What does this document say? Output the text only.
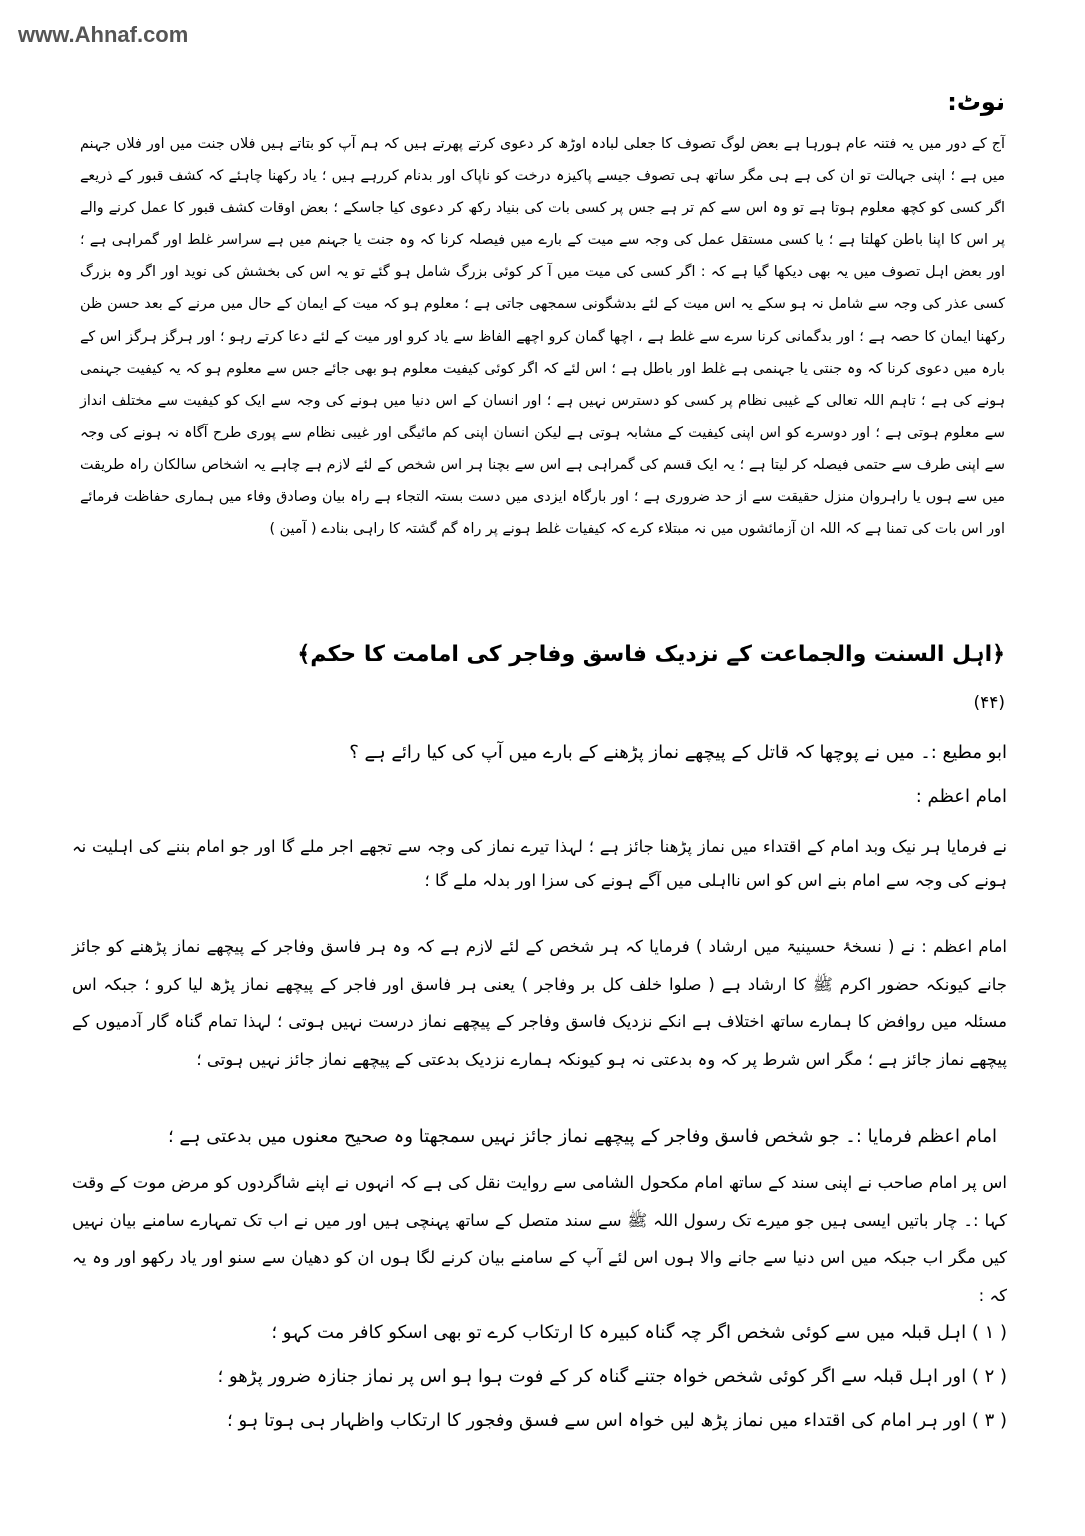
www.Ahnaf.com
نوٹ:
آج کے دور میں یہ فتنہ عام ہورہا ہے بعض لوگ تصوف کا جعلی لبادہ اوڑھ کر دعوی کرتے پھرتے ہیں کہ ہم آپ کو بتاتے ہیں فلاں جنت میں اور فلاں جہنم میں ہے ؛ اپنی جہالت تو ان کی ہے ہی مگر ساتھ ہی تصوف جیسے پاکیزہ درخت کو ناپاک اور بدنام کررہے ہیں ؛ یاد رکھنا چاہئے کہ کشف قبور کے ذریعے اگر کسی کو کچھ معلوم ہوتا ہے تو وہ اس سے کم تر ہے جس پر کسی بات کی بنیاد رکھ کر دعوی کیا جاسکے ؛ بعض اوقات کشف قبور کا عمل کرنے والے پر اس کا اپنا باطن کھلتا ہے ؛ یا کسی مستقل عمل کی وجہ سے میت کے بارے میں فیصلہ کرنا کہ وہ جنت یا جہنم میں ہے سراسر غلط اور گمراہی ہے ؛ اور بعض اہل تصوف میں یہ بھی دیکھا گیا ہے کہ : اگر کسی کی میت میں آ کر کوئی بزرگ شامل ہو گئے تو یہ اس کی بخشش کی نوید اور اگر وہ بزرگ کسی عذر کی وجہ سے شامل نہ ہو سکے یہ اس میت کے لئے بدشگونی سمجھی جاتی ہے ؛ معلوم ہو کہ میت کے ایمان کے حال میں مرنے کے بعد حسن ظن رکھنا ایمان کا حصہ ہے ؛ اور بدگمانی کرنا سرے سے غلط ہے ، اچھا گمان کرو اچھے الفاظ سے یاد کرو اور میت کے لئے دعا کرتے رہو ؛ اور ہرگز ہرگز اس کے بارہ میں دعوی کرنا کہ وہ جنتی یا جہنمی ہے غلط اور باطل ہے ؛ اس لئے کہ اگر کوئی کیفیت معلوم ہو بھی جائے جس سے معلوم ہو کہ یہ کیفیت جہنمی ہونے کی ہے ؛ تاہم اللہ تعالی کے غیبی نظام پر کسی کو دسترس نہیں ہے ؛ اور انسان کے اس دنیا میں ہونے کی وجہ سے ایک کو کیفیت سے مختلف انداز سے معلوم ہوتی ہے ؛ اور دوسرے کو اس اپنی کیفیت کے مشابہ ہوتی ہے لیکن انسان اپنی کم مائیگی اور غیبی نظام سے پوری طرح آگاہ نہ ہونے کی وجہ سے اپنی طرف سے حتمی فیصلہ کر لیتا ہے ؛ یہ ایک قسم کی گمراہی ہے اس سے بچنا ہر اس شخص کے لئے لازم ہے چاہے یہ اشخاص سالکان راہ طریقت میں سے ہوں یا راہروان منزل حقیقت سے از حد ضروری ہے ؛ اور بارگاہ ایزدی میں دست بستہ التجاء ہے راہ بیان وصادق وفاء میں ہماری حفاظت فرمائے اور اس بات کی تمنا ہے کہ اللہ ان آزمائشوں میں نہ مبتلاء کرے کہ کیفیات غلط ہونے پر راہ گم گشتہ کا راہی بنادے ( آمین )
﴿اہل السنت والجماعت کے نزدیک فاسق وفاجر کی امامت کا حکم﴾
(۴۴)
ابو مطیع :۔ میں نے پوچھا کہ قاتل کے پیچھے نماز پڑھنے کے بارے میں آپ کی کیا رائے ہے ؟
امام اعظم :
نے فرمایا ہر نیک وبد امام کے اقتداء میں نماز پڑھنا جائز ہے ؛ لہذا تیرے نماز کی وجہ سے تجھے اجر ملے گا اور جو امام بننے کی اہلیت نہ ہونے کی وجہ سے امام بنے اس کو اس نااہلی میں آگے ہونے کی سزا اور بدلہ ملے گا ؛
امام اعظم : نے ( نسخۂ حسینیۃ میں ارشاد ) فرمایا کہ ہر شخص کے لئے لازم ہے کہ وہ ہر فاسق وفاجر کے پیچھے نماز پڑھنے کو جائز جانے کیونکہ حضور اکرم ﷺ کا ارشاد ہے ( صلوا خلف کل بر وفاجر ) یعنی ہر فاسق اور فاجر کے پیچھے نماز پڑھ لیا کرو ؛ جبکہ اس مسئلہ میں روافض کا ہمارے ساتھ اختلاف ہے انکے نزدیک فاسق وفاجر کے پیچھے نماز درست نہیں ہوتی ؛ لہذا تمام گناہ گار آدمیوں کے پیچھے نماز جائز ہے ؛ مگر اس شرط پر کہ وہ بدعتی نہ ہو کیونکہ ہمارے نزدیک بدعتی کے پیچھے نماز جائز نہیں ہوتی ؛
امام اعظم فرمایا :۔ جو شخص فاسق وفاجر کے پیچھے نماز جائز نہیں سمجھتا وہ صحیح معنوں میں بدعتی ہے ؛
اس پر امام صاحب نے اپنی سند کے ساتھ امام مکحول الشامی سے روایت نقل کی ہے کہ انہوں نے اپنے شاگردوں کو مرض موت کے وقت کہا :۔ چار باتیں ایسی ہیں جو میرے تک رسول اللہ ﷺ سے سند متصل کے ساتھ پہنچی ہیں اور میں نے اب تک تمہارے سامنے بیان نہیں کیں مگر اب جبکہ میں اس دنیا سے جانے والا ہوں اس لئے آپ کے سامنے بیان کرنے لگا ہوں ان کو دھیان سے سنو اور یاد رکھو اور وہ یہ کہ :
( ۱ ) اہل قبلہ میں سے کوئی شخص اگر چہ گناہ کبیرہ کا ارتکاب کرے تو بھی اسکو کافر مت کہو ؛
( ۲ ) اور اہل قبلہ سے اگر کوئی شخص خواہ جتنے گناہ کر کے فوت ہوا ہو اس پر نماز جنازہ ضرور پڑھو ؛
( ۳ ) اور ہر امام کی اقتداء میں نماز پڑھ لیں خواہ اس سے فسق وفجور کا ارتکاب واظہار ہی ہوتا ہو ؛
